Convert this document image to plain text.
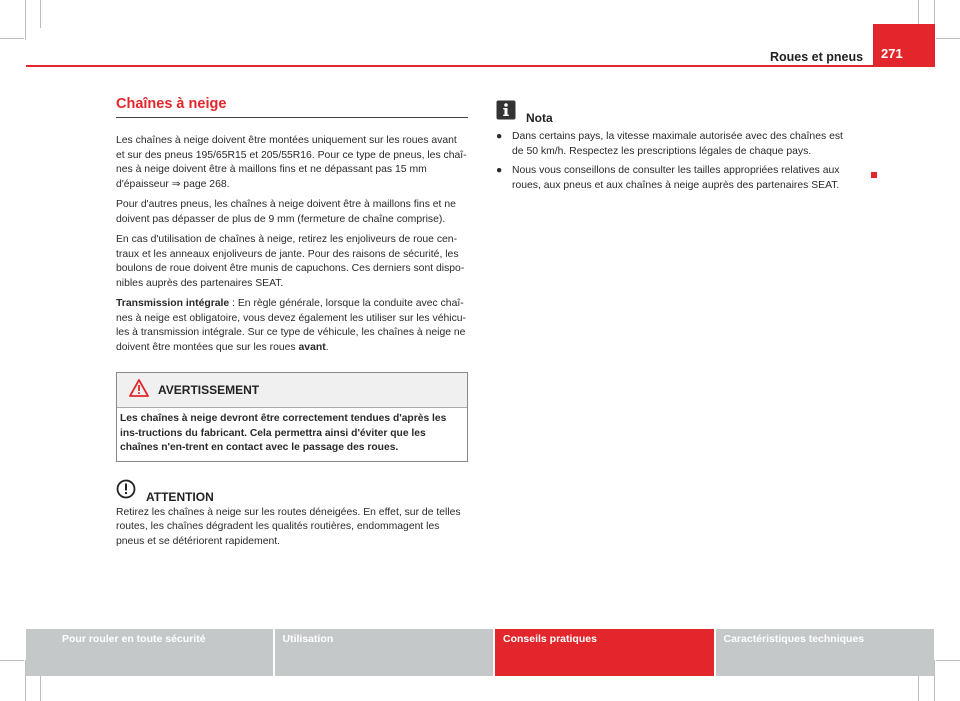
Roues et pneus	271
Chaînes à neige

Les chaînes à neige doivent être montées uniquement sur les roues avant et sur des pneus 195/65R15 et 205/55R16. Pour ce type de pneus, les chaî-nes à neige doivent être à maillons fins et ne dépassant pas 15 mm d'épaisseur ⇒ page 268.

Pour d'autres pneus, les chaînes à neige doivent être à maillons fins et ne doivent pas dépasser de plus de 9 mm (fermeture de chaîne comprise).

En cas d'utilisation de chaînes à neige, retirez les enjoliveurs de roue cen-traux et les anneaux enjoliveurs de jante. Pour des raisons de sécurité, les boulons de roue doivent être munis de capuchons. Ces derniers sont dispo-nibles auprès des partenaires SEAT.

Transmission intégrale : En règle générale, lorsque la conduite avec chaî-nes à neige est obligatoire, vous devez également les utiliser sur les véhicu-les à transmission intégrale. Sur ce type de véhicule, les chaînes à neige ne doivent être montées que sur les roues avant.

AVERTISSEMENT
Les chaînes à neige devront être correctement tendues d'après les ins-tructions du fabricant. Cela permettra ainsi d'éviter que les chaînes n'en-trent en contact avec le passage des roues.
ATTENTION

Retirez les chaînes à neige sur les routes déneigées. En effet, sur de telles routes, les chaînes dégradent les qualités routières, endommagent les pneus et se détériorent rapidement.

Nota
● Dans certains pays, la vitesse maximale autorisée avec des chaînes est de 50 km/h. Respectez les prescriptions légales de chaque pays.
● Nous vous conseillons de consulter les tailles appropriées relatives aux roues, aux pneus et aux chaînes à neige auprès des partenaires SEAT.
Pour rouler en toute sécurité	Utilisation	Conseils pratiques	Caractéristiques techniques
